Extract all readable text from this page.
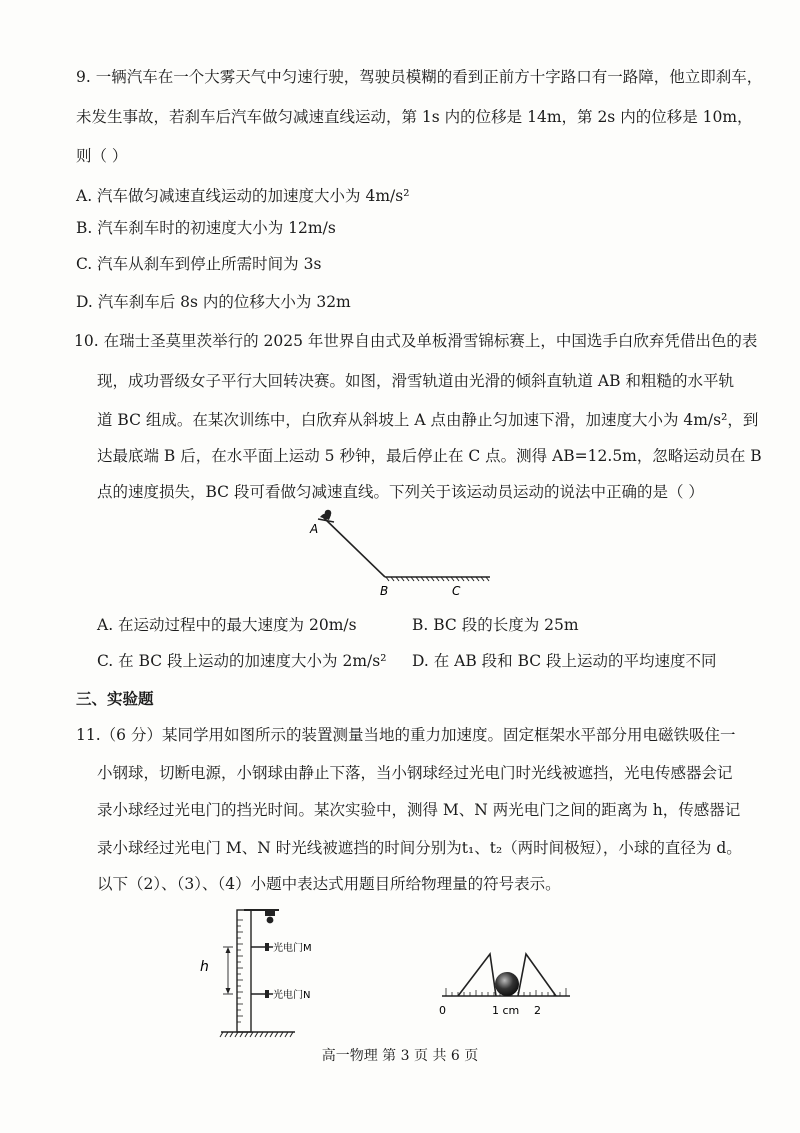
9. 一辆汽车在一个大雾天气中匀速行驶，驾驶员模糊的看到正前方十字路口有一路障，他立即刹车，
未发生事故，若刹车后汽车做匀减速直线运动，第 1s 内的位移是 14m，第 2s 内的位移是 10m，
则（ ）
A. 汽车做匀减速直线运动的加速度大小为 4m/s²
B. 汽车刹车时的初速度大小为 12m/s
C. 汽车从刹车到停止所需时间为 3s
D. 汽车刹车后 8s 内的位移大小为 32m
10. 在瑞士圣莫里茨举行的 2025 年世界自由式及单板滑雪锦标赛上，中国选手白欣弃凭借出色的表
现，成功晋级女子平行大回转决赛。如图，滑雪轨道由光滑的倾斜直轨道 AB 和粗糙的水平轨
道 BC 组成。在某次训练中，白欣弃从斜坡上 A 点由静止匀加速下滑，加速度大小为 4m/s²，到
达最底端 B 后，在水平面上运动 5 秒钟，最后停止在 C 点。测得 AB=12.5m，忽略运动员在 B
点的速度损失，BC 段可看做匀减速直线。下列关于该运动员运动的说法中正确的是（ ）
A
B	C
A. 在运动过程中的最大速度为 20m/s	B. BC 段的长度为 25m
C. 在 BC 段上运动的加速度大小为 2m/s² D. 在 AB 段和 BC 段上运动的平均速度不同
三、实验题
11.（6 分）某同学用如图所示的装置测量当地的重力加速度。固定框架水平部分用电磁铁吸住一
小钢球，切断电源，小钢球由静止下落，当小钢球经过光电门时光线被遮挡，光电传感器会记
录小球经过光电门的挡光时间。某次实验中，测得 M、N 两光电门之间的距离为 h，传感器记
录小球经过光电门 M、N 时光线被遮挡的时间分别为t₁、t₂（两时间极短），小球的直径为 d。
以下（2）、（3）、（4）小题中表达式用题目所给物理量的符号表示。
h
光电门M
光电门N
0	1 cm 2
高一物理 第 3 页 共 6 页
